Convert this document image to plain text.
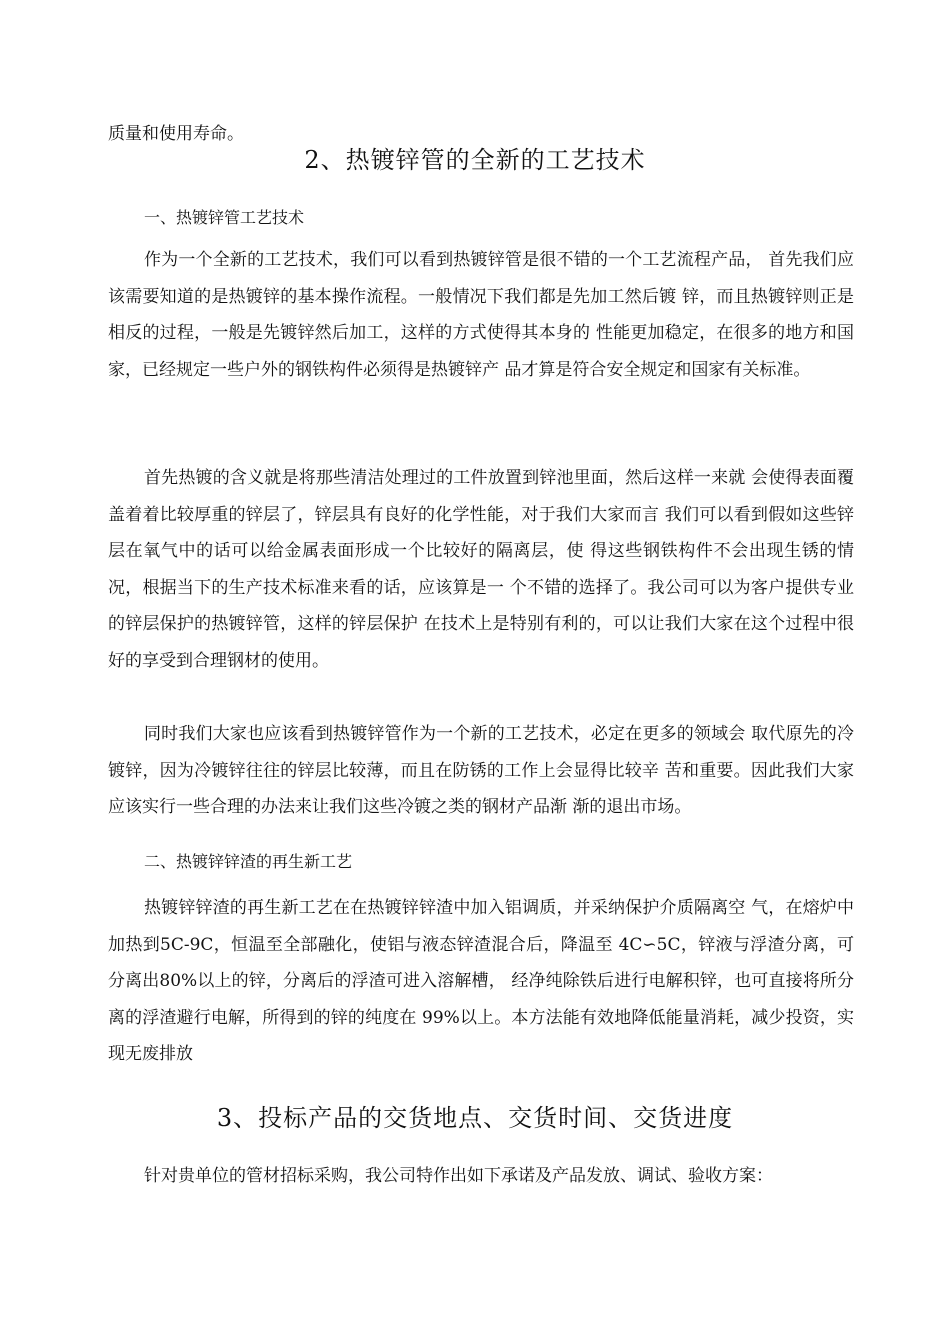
质量和使用寿命。

2、热镀锌管的全新的工艺技术

一、热镀锌管工艺技术

作为一个全新的工艺技术，我们可以看到热镀锌管是很不错的一个工艺流程产品， 首先我们应该需要知道的是热镀锌的基本操作流程。一般情况下我们都是先加工然后镀 锌，而且热镀锌则正是相反的过程，一般是先镀锌然后加工，这样的方式使得其本身的 性能更加稳定，在很多的地方和国家，已经规定一些户外的钢铁构件必须得是热镀锌产 品才算是符合安全规定和国家有关标准。

首先热镀的含义就是将那些清洁处理过的工件放置到锌池里面，然后这样一来就 会使得表面覆盖着着比较厚重的锌层了，锌层具有良好的化学性能，对于我们大家而言 我们可以看到假如这些锌层在氧气中的话可以给金属表面形成一个比较好的隔离层，使 得这些钢铁构件不会出现生锈的情况，根据当下的生产技术标准来看的话，应该算是一 个不错的选择了。我公司可以为客户提供专业的锌层保护的热镀锌管，这样的锌层保护 在技术上是特别有利的，可以让我们大家在这个过程中很好的享受到合理钢材的使用。

同时我们大家也应该看到热镀锌管作为一个新的工艺技术，必定在更多的领域会 取代原先的冷镀锌，因为冷镀锌往往的锌层比较薄，而且在防锈的工作上会显得比较辛 苦和重要。因此我们大家应该实行一些合理的办法来让我们这些冷镀之类的钢材产品渐 渐的退出市场。

二、热镀锌锌渣的再生新工艺

热镀锌锌渣的再生新工艺在在热镀锌锌渣中加入铝调质，并采纳保护介质隔离空 气，在熔炉中加热到5C-9C，恒温至全部融化，使铝与液态锌渣混合后，降温至 4C∽5C，锌液与浮渣分离，可分离出80%以上的锌，分离后的浮渣可进入溶解槽， 经净纯除铁后进行电解积锌，也可直接将所分离的浮渣避行电解，所得到的锌的纯度在 99%以上。本方法能有效地降低能量消耗，减少投资，实现无废排放

3、投标产品的交货地点、交货时间、交货进度

针对贵单位的管材招标采购，我公司特作出如下承诺及产品发放、调试、验收方案：
